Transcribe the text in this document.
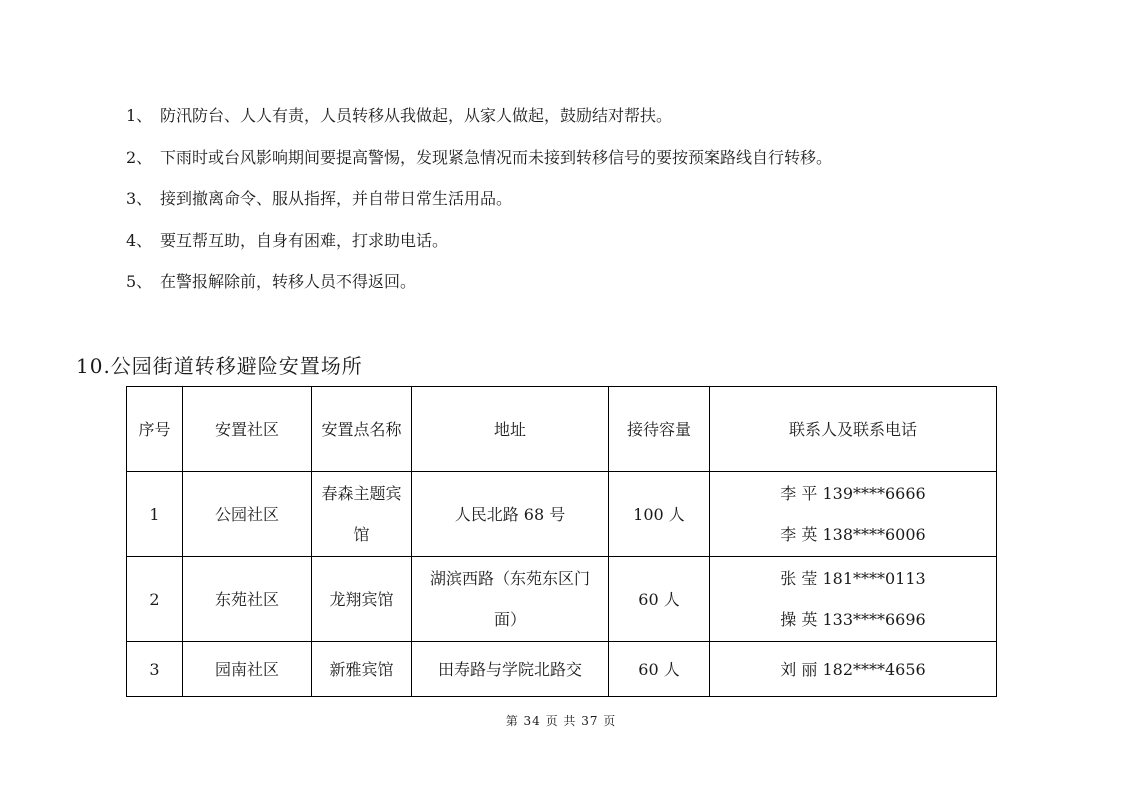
1、 防汛防台、人人有责，人员转移从我做起，从家人做起，鼓励结对帮扶。
2、 下雨时或台风影响期间要提高警惕，发现紧急情况而未接到转移信号的要按预案路线自行转移。
3、 接到撤离命令、服从指挥，并自带日常生活用品。
4、 要互帮互助，自身有困难，打求助电话。
5、 在警报解除前，转移人员不得返回。
10.公园街道转移避险安置场所
序号	安置社区	安置点名称	地址	接待容量	联系人及联系电话
1	公园社区	春森主题宾馆	人民北路 68 号	100 人	李 平 139****6666
李 英 138****6006

2	东苑社区	龙翔宾馆	湖滨西路（东苑东区门面）	60 人	张 莹 181****0113
操 英 133****6696

3	园南社区	新雅宾馆	田寿路与学院北路交	60 人	刘 丽 182****4656
第 34 页 共 37 页
